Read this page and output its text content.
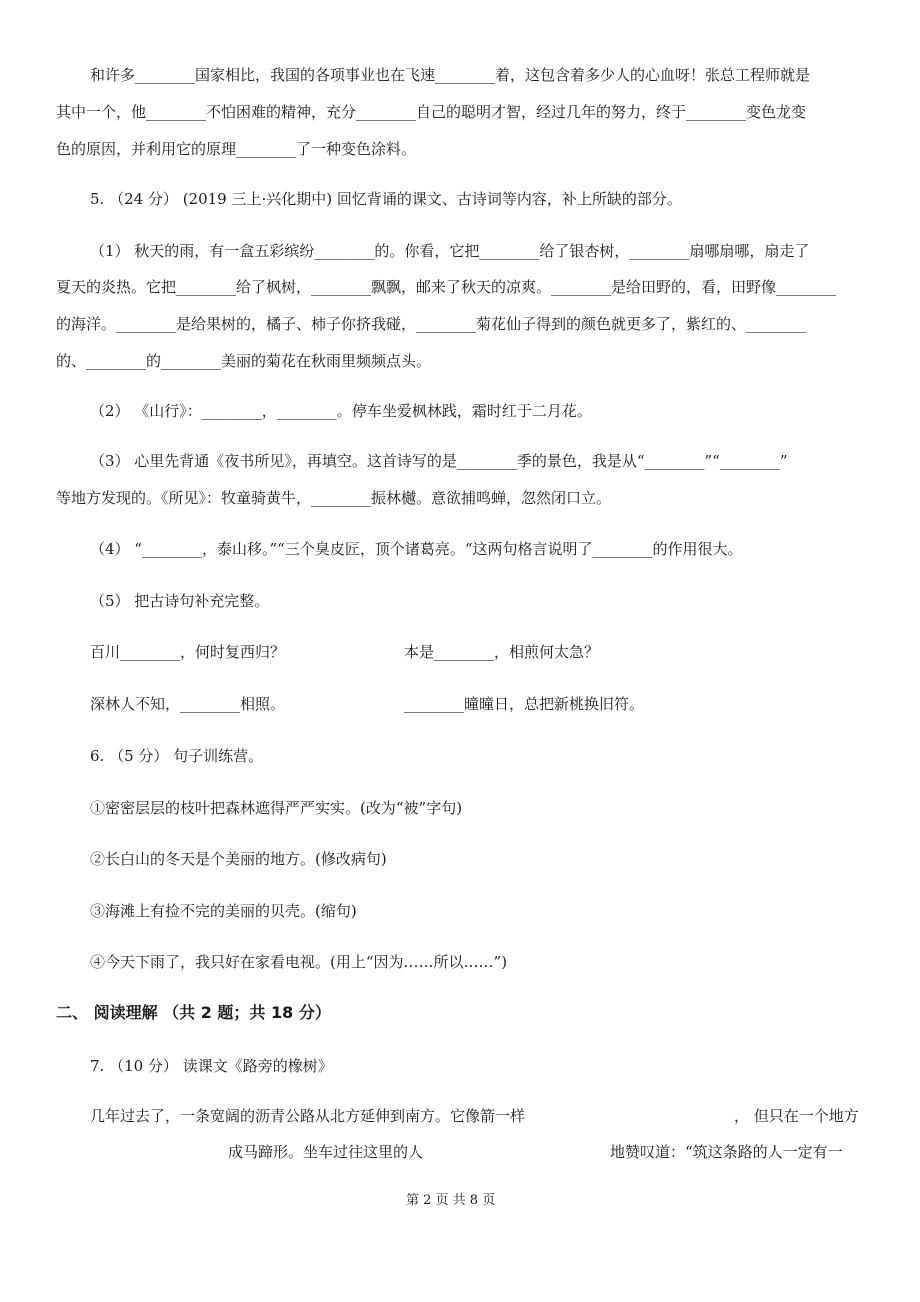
和许多________国家相比，我国的各项事业也在飞速________着，这包含着多少人的心血呀！张总工程师就是
其中一个，他________不怕困难的精神，充分________自己的聪明才智，经过几年的努力，终于________变色龙变
色的原因，并利用它的原理________了一种变色涂料。
5. （24 分） (2019 三上·兴化期中) 回忆背诵的课文、古诗词等内容，补上所缺的部分。
（1） 秋天的雨，有一盒五彩缤纷________的。你看，它把________给了银杏树，________扇哪扇哪，扇走了
夏天的炎热。它把________给了枫树，________飘飘，邮来了秋天的凉爽。________是给田野的，看，田野像________
的海洋。________是给果树的，橘子、柿子你挤我碰，________菊花仙子得到的颜色就更多了，紫红的、________
的、________的________美丽的菊花在秋雨里频频点头。
（2） 《山行》：________，________。停车坐爱枫林践，霜时红于二月花。
（3） 心里先背通《夜书所见》，再填空。这首诗写的是________季的景色，我是从“________”“________”
等地方发现的。《所见》：牧童骑黄牛，________振林樾。意欲捕鸣蝉，忽然闭口立。
（4） “________，泰山移。”“三个臭皮匠，顶个诸葛亮。“这两句格言说明了________的作用很大。
（5） 把古诗句补充完整。
百川________，何时复西归？	本是________，相煎何太急？
深林人不知，________相照。	________曈曈日，总把新桃换旧符。
6. （5 分） 句子训练营。
①密密层层的枝叶把森林遮得严严实实。(改为“被”字句)
②长白山的冬天是个美丽的地方。(修改病句)
③海滩上有捡不完的美丽的贝壳。(缩句)
④今天下雨了，我只好在家看电视。(用上“因为……所以……”)
二、 阅读理解 （共 2 题；共 18 分）
7. （10 分） 读课文《路旁的橡树》
几年过去了，一条宽阔的沥青公路从北方延伸到南方。它像箭一样	， 但只在一个地方
成马蹄形。坐车过往这里的人	地赞叹道：“筑这条路的人一定有一
第 2 页 共 8 页
